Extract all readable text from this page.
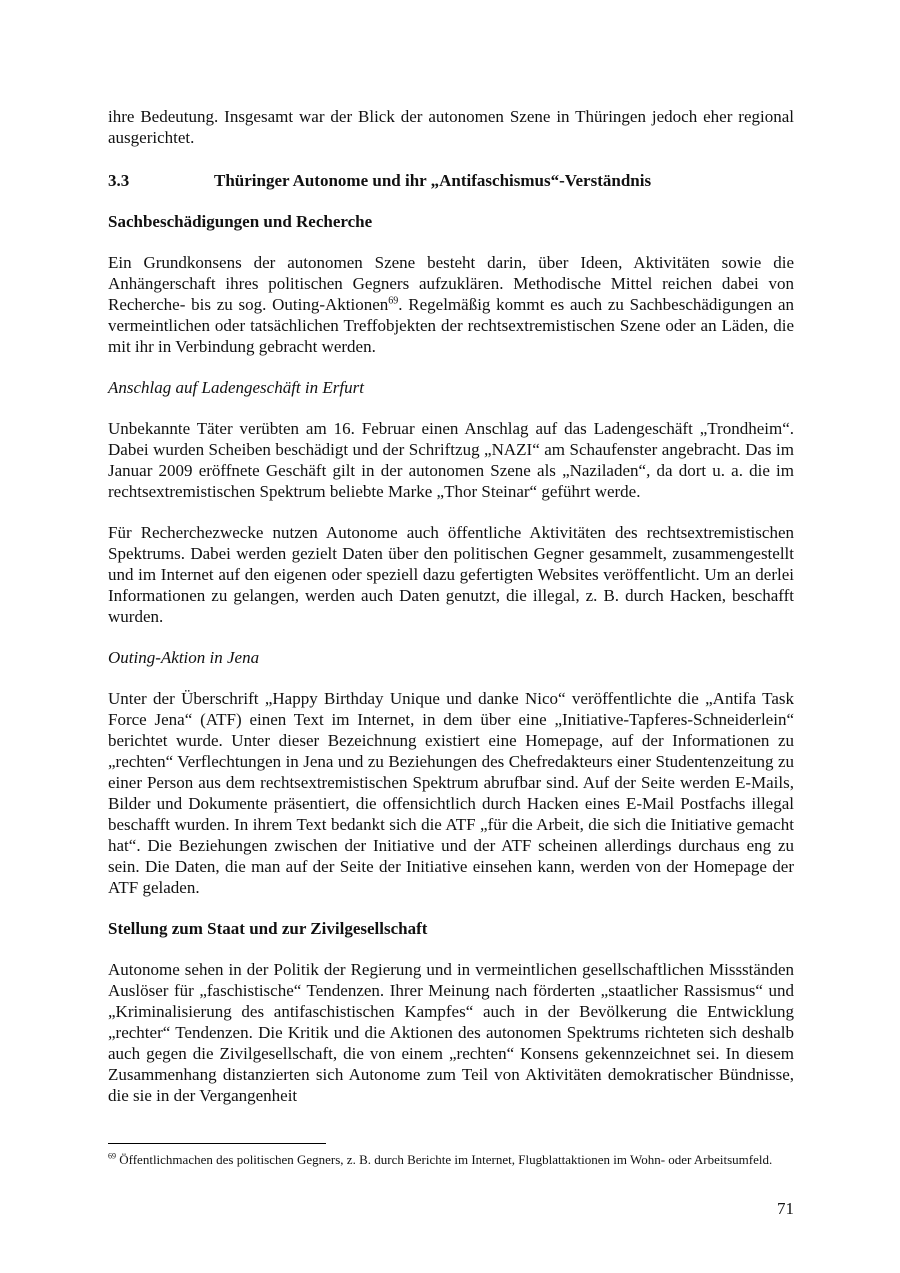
ihre Bedeutung. Insgesamt war der Blick der autonomen Szene in Thüringen jedoch eher regional ausgerichtet.

3.3	Thüringer Autonome und ihr „Antifaschismus“-Verständnis

Sachbeschädigungen und Recherche

Ein Grundkonsens der autonomen Szene besteht darin, über Ideen, Aktivitäten sowie die Anhängerschaft ihres politischen Gegners aufzuklären. Methodische Mittel reichen dabei von Recherche- bis zu sog. Outing-Aktionen$^{69}$. Regelmäßig kommt es auch zu Sachbeschädigungen an vermeintlichen oder tatsächlichen Treffobjekten der rechtsextremistischen Szene oder an Läden, die mit ihr in Verbindung gebracht werden.

Anschlag auf Ladengeschäft in Erfurt

Unbekannte Täter verübten am 16. Februar einen Anschlag auf das Ladengeschäft „Trondheim“. Dabei wurden Scheiben beschädigt und der Schriftzug „NAZI“ am Schaufenster angebracht. Das im Januar 2009 eröffnete Geschäft gilt in der autonomen Szene als „Naziladen“, da dort u. a. die im rechtsextremistischen Spektrum beliebte Marke „Thor Steinar“ geführt werde.

Für Recherchezwecke nutzen Autonome auch öffentliche Aktivitäten des rechtsextremistischen Spektrums. Dabei werden gezielt Daten über den politischen Gegner gesammelt, zusammengestellt und im Internet auf den eigenen oder speziell dazu gefertigten Websites veröffentlicht. Um an derlei Informationen zu gelangen, werden auch Daten genutzt, die illegal, z. B. durch Hacken, beschafft wurden.

Outing-Aktion in Jena

Unter der Überschrift „Happy Birthday Unique und danke Nico“ veröffentlichte die „Antifa Task Force Jena“ (ATF) einen Text im Internet, in dem über eine „Initiative-Tapferes-Schneiderlein“ berichtet wurde. Unter dieser Bezeichnung existiert eine Homepage, auf der Informationen zu „rechten“ Verflechtungen in Jena und zu Beziehungen des Chefredakteurs einer Studentenzeitung zu einer Person aus dem rechtsextremistischen Spektrum abrufbar sind. Auf der Seite werden E-Mails, Bilder und Dokumente präsentiert, die offensichtlich durch Hacken eines E-Mail Postfachs illegal beschafft wurden. In ihrem Text bedankt sich die ATF „für die Arbeit, die sich die Initiative gemacht hat“. Die Beziehungen zwischen der Initiative und der ATF scheinen allerdings durchaus eng zu sein. Die Daten, die man auf der Seite der Initiative einsehen kann, werden von der Homepage der ATF geladen.

Stellung zum Staat und zur Zivilgesellschaft

Autonome sehen in der Politik der Regierung und in vermeintlichen gesellschaftlichen Missständen Auslöser für „faschistische“ Tendenzen. Ihrer Meinung nach förderten „staatlicher Rassismus“ und „Kriminalisierung des antifaschistischen Kampfes“ auch in der Bevölkerung die Entwicklung „rechter“ Tendenzen. Die Kritik und die Aktionen des autonomen Spektrums richteten sich deshalb auch gegen die Zivilgesellschaft, die von einem „rechten“ Konsens gekennzeichnet sei. In diesem Zusammenhang distanzierten sich Autonome zum Teil von Aktivitäten demokratischer Bündnisse, die sie in der Vergangenheit

$^{69}$ Öffentlichmachen des politischen Gegners, z. B. durch Berichte im Internet, Flugblattaktionen im Wohn- oder Arbeitsumfeld.

71
